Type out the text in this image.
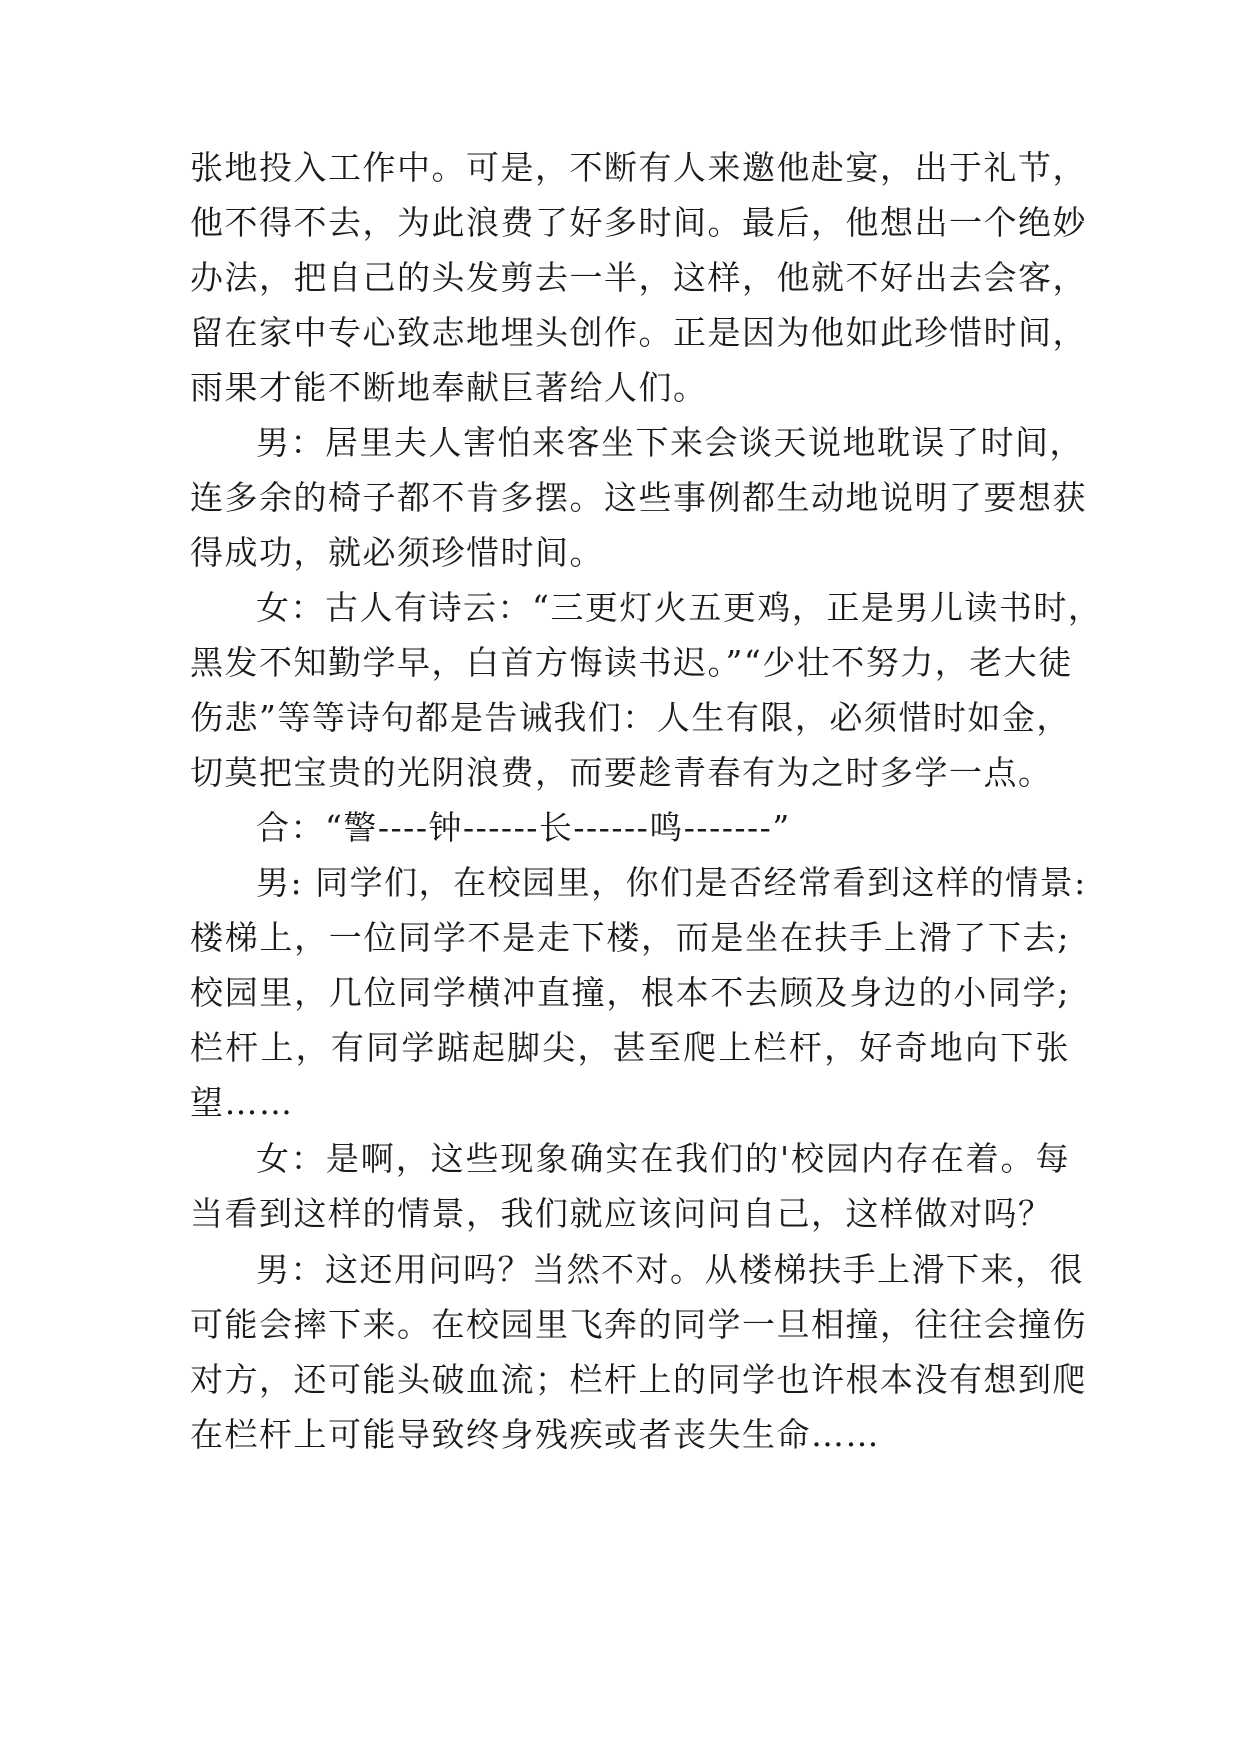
张地投入工作中。可是，不断有人来邀他赴宴，出于礼节，
他不得不去，为此浪费了好多时间。最后，他想出一个绝妙
办法，把自己的头发剪去一半，这样，他就不好出去会客，
留在家中专心致志地埋头创作。正是因为他如此珍惜时间，
雨果才能不断地奉献巨著给人们。
男：居里夫人害怕来客坐下来会谈天说地耽误了时间，
连多余的椅子都不肯多摆。这些事例都生动地说明了要想获
得成功，就必须珍惜时间。
女：古人有诗云：“三更灯火五更鸡，正是男儿读书时，
黑发不知勤学早，白首方悔读书迟。”“少壮不努力，老大徒
伤悲”等等诗句都是告诫我们：人生有限，必须惜时如金，
切莫把宝贵的光阴浪费，而要趁青春有为之时多学一点。
合：“警----钟------长------鸣-------”
男: 同学们，在校园里，你们是否经常看到这样的情景:
楼梯上，一位同学不是走下楼，而是坐在扶手上滑了下去;
校园里，几位同学横冲直撞，根本不去顾及身边的小同学;
栏杆上，有同学踮起脚尖，甚至爬上栏杆，好奇地向下张
望……
女：是啊，这些现象确实在我们的'校园内存在着。每
当看到这样的情景，我们就应该问问自己，这样做对吗？
男：这还用问吗？当然不对。从楼梯扶手上滑下来，很
可能会摔下来。在校园里飞奔的同学一旦相撞，往往会撞伤
对方，还可能头破血流；栏杆上的同学也许根本没有想到爬
在栏杆上可能导致终身残疾或者丧失生命……
